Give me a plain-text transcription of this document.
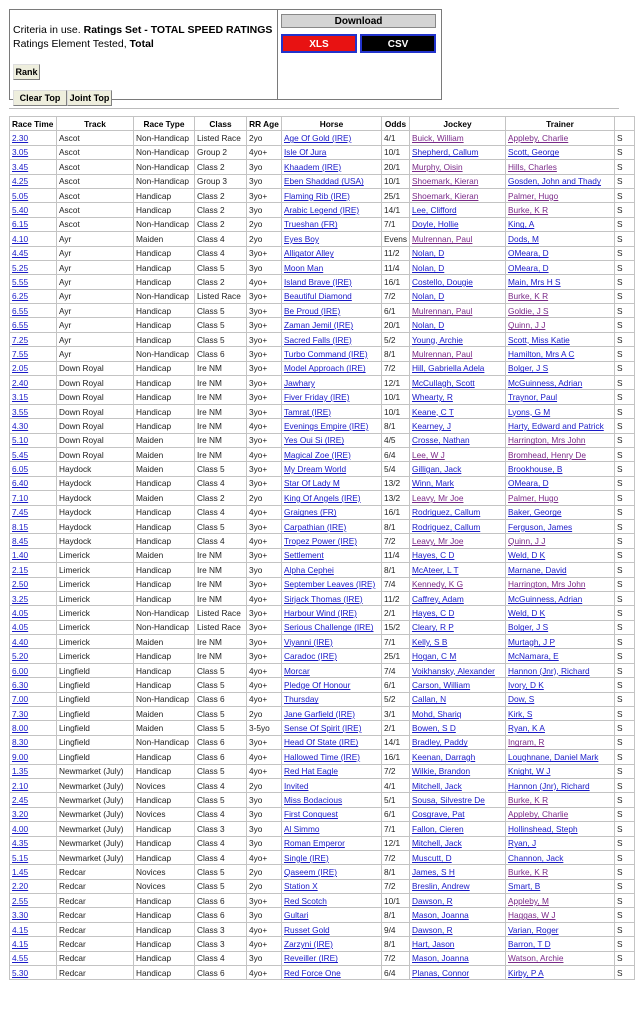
Criteria in use. Ratings Set - TOTAL SPEED RATINGS
Ratings Element Tested, Total
Rank
Clear Top	Joint Top
Download
XLS	CSV
Race Time	Track	Race Type	Class	RR Age	Horse	Odds	Jockey	Trainer	
2.30	Ascot	Non-Handicap	Listed Race	2yo	Age Of Gold (IRE)	4/1	Buick, William	Appleby, Charlie	S
3.05	Ascot	Non-Handicap	Group 2	4yo+	Isle Of Jura	10/1	Shepherd, Callum	Scott, George	S
3.45	Ascot	Non-Handicap	Class 2	3yo	Khaadem (IRE)	20/1	Murphy, Oisin	Hills, Charles	S
4.25	Ascot	Non-Handicap	Group 3	3yo	Eben Shaddad (USA)	10/1	Shoemark, Kieran	Gosden, John and Thady	S
5.05	Ascot	Handicap	Class 2	3yo+	Flaming Rib (IRE)	25/1	Shoemark, Kieran	Palmer, Hugo	S
5.40	Ascot	Handicap	Class 2	3yo	Arabic Legend (IRE)	14/1	Lee, Clifford	Burke, K R	S
6.15	Ascot	Non-Handicap	Class 2	2yo	Trueshan (FR)	7/1	Doyle, Hollie	King, A	S
4.10	Ayr	Maiden	Class 4	2yo	Eyes Boy	Evens	Mulrennan, Paul	Dods, M	S
4.45	Ayr	Handicap	Class 4	3yo+	Alligator Alley	11/2	Nolan, D	OMeara, D	S
5.25	Ayr	Handicap	Class 5	3yo	Moon Man	11/4	Nolan, D	OMeara, D	S
5.55	Ayr	Handicap	Class 2	4yo+	Island Brave (IRE)	16/1	Costello, Dougie	Main, Mrs H S	S
6.25	Ayr	Non-Handicap	Listed Race	3yo+	Beautiful Diamond	7/2	Nolan, D	Burke, K R	S
6.55	Ayr	Handicap	Class 5	3yo+	Be Proud (IRE)	6/1	Mulrennan, Paul	Goldie, J S	S
6.55	Ayr	Handicap	Class 5	3yo+	Zaman Jemil (IRE)	20/1	Nolan, D	Quinn, J J	S
7.25	Ayr	Handicap	Class 5	3yo+	Sacred Falls (IRE)	5/2	Young, Archie	Scott, Miss Katie	S
7.55	Ayr	Non-Handicap	Class 6	3yo+	Turbo Command (IRE)	8/1	Mulrennan, Paul	Hamilton, Mrs A C	S
2.05	Down Royal	Handicap	Ire NM	3yo+	Model Approach (IRE)	7/2	Hill, Gabriella Adela	Bolger, J S	S
2.40	Down Royal	Handicap	Ire NM	3yo+	Jawhary	12/1	McCullagh, Scott	McGuinness, Adrian	S
3.15	Down Royal	Handicap	Ire NM	3yo+	Fiver Friday (IRE)	10/1	Whearty, R	Traynor, Paul	S
3.55	Down Royal	Handicap	Ire NM	3yo+	Tamrat (IRE)	10/1	Keane, C T	Lyons, G M	S
4.30	Down Royal	Handicap	Ire NM	4yo+	Evenings Empire (IRE)	8/1	Kearney, J	Harty, Edward and Patrick	S
5.10	Down Royal	Maiden	Ire NM	3yo+	Yes Oui Si (IRE)	4/5	Crosse, Nathan	Harrington, Mrs John	S
5.45	Down Royal	Maiden	Ire NM	4yo+	Magical Zoe (IRE)	6/4	Lee, W J	Bromhead, Henry De	S
6.05	Haydock	Maiden	Class 5	3yo+	My Dream World	5/4	Gilligan, Jack	Brookhouse, B	S
6.40	Haydock	Handicap	Class 4	3yo+	Star Of Lady M	13/2	Winn, Mark	OMeara, D	S
7.10	Haydock	Maiden	Class 2	2yo	King Of Angels (IRE)	13/2	Leavy, Mr Joe	Palmer, Hugo	S
7.45	Haydock	Handicap	Class 4	4yo+	Graignes (FR)	16/1	Rodriguez, Callum	Baker, George	S
8.15	Haydock	Handicap	Class 5	3yo+	Carpathian (IRE)	8/1	Rodriguez, Callum	Ferguson, James	S
8.45	Haydock	Handicap	Class 4	4yo+	Tropez Power (IRE)	7/2	Leavy, Mr Joe	Quinn, J J	S
1.40	Limerick	Maiden	Ire NM	3yo+	Settlement	11/4	Hayes, C D	Weld, D K	S
2.15	Limerick	Handicap	Ire NM	3yo	Alpha Cephei	8/1	McAteer, L T	Marnane, David	S
2.50	Limerick	Handicap	Ire NM	3yo+	September Leaves (IRE)	7/4	Kennedy, K G	Harrington, Mrs John	S
3.25	Limerick	Handicap	Ire NM	4yo+	Sirjack Thomas (IRE)	11/2	Caffrey, Adam	McGuinness, Adrian	S
4.05	Limerick	Non-Handicap	Listed Race	3yo+	Harbour Wind (IRE)	2/1	Hayes, C D	Weld, D K	S
4.05	Limerick	Non-Handicap	Listed Race	3yo+	Serious Challenge (IRE)	15/2	Cleary, R P	Bolger, J S	S
4.40	Limerick	Maiden	Ire NM	3yo+	Viyanni (IRE)	7/1	Kelly, S B	Murtagh, J P	S
5.20	Limerick	Handicap	Ire NM	3yo+	Caradoc (IRE)	25/1	Hogan, C M	McNamara, E	S
6.00	Lingfield	Handicap	Class 5	4yo+	Morcar	7/4	Voikhansky, Alexander	Hannon (Jnr), Richard	S
6.30	Lingfield	Handicap	Class 5	4yo+	Pledge Of Honour	6/1	Carson, William	Ivory, D K	S
7.00	Lingfield	Non-Handicap	Class 6	4yo+	Thursday	5/2	Callan, N	Dow, S	S
7.30	Lingfield	Maiden	Class 5	2yo	Jane Garfield (IRE)	3/1	Mohd, Shariq	Kirk, S	S
8.00	Lingfield	Maiden	Class 5	3-5yo	Sense Of Spirit (IRE)	2/1	Bowen, S D	Ryan, K A	S
8.30	Lingfield	Non-Handicap	Class 6	3yo+	Head Of State (IRE)	14/1	Bradley, Paddy	Ingram, R	S
9.00	Lingfield	Handicap	Class 6	4yo+	Hallowed Time (IRE)	16/1	Keenan, Darragh	Loughnane, Daniel Mark	S
1.35	Newmarket (July)	Handicap	Class 5	4yo+	Red Hat Eagle	7/2	Wilkie, Brandon	Knight, W J	S
2.10	Newmarket (July)	Novices	Class 4	2yo	Invited	4/1	Mitchell, Jack	Hannon (Jnr), Richard	S
2.45	Newmarket (July)	Handicap	Class 5	3yo	Miss Bodacious	5/1	Sousa, Silvestre De	Burke, K R	S
3.20	Newmarket (July)	Novices	Class 4	3yo	First Conquest	6/1	Cosgrave, Pat	Appleby, Charlie	S
4.00	Newmarket (July)	Handicap	Class 3	3yo	Al Simmo	7/1	Fallon, Cieren	Hollinshead, Steph	S
4.35	Newmarket (July)	Handicap	Class 4	3yo	Roman Emperor	12/1	Mitchell, Jack	Ryan, J	S
5.15	Newmarket (July)	Handicap	Class 4	4yo+	Single (IRE)	7/2	Muscutt, D	Channon, Jack	S
1.45	Redcar	Novices	Class 5	2yo	Qaseem (IRE)	8/1	James, S H	Burke, K R	S
2.20	Redcar	Novices	Class 5	2yo	Station X	7/2	Breslin, Andrew	Smart, B	S
2.55	Redcar	Handicap	Class 6	3yo+	Red Scotch	10/1	Dawson, R	Appleby, M	S
3.30	Redcar	Handicap	Class 6	3yo	Gultari	8/1	Mason, Joanna	Haggas, W J	S
4.15	Redcar	Handicap	Class 3	4yo+	Russet Gold	9/4	Dawson, R	Varian, Roger	S
4.15	Redcar	Handicap	Class 3	4yo+	Zarzyni (IRE)	8/1	Hart, Jason	Barron, T D	S
4.55	Redcar	Handicap	Class 4	3yo	Reveiller (IRE)	7/2	Mason, Joanna	Watson, Archie	S
5.30	Redcar	Handicap	Class 6	4yo+	Red Force One	6/4	Planas, Connor	Kirby, P A	S
